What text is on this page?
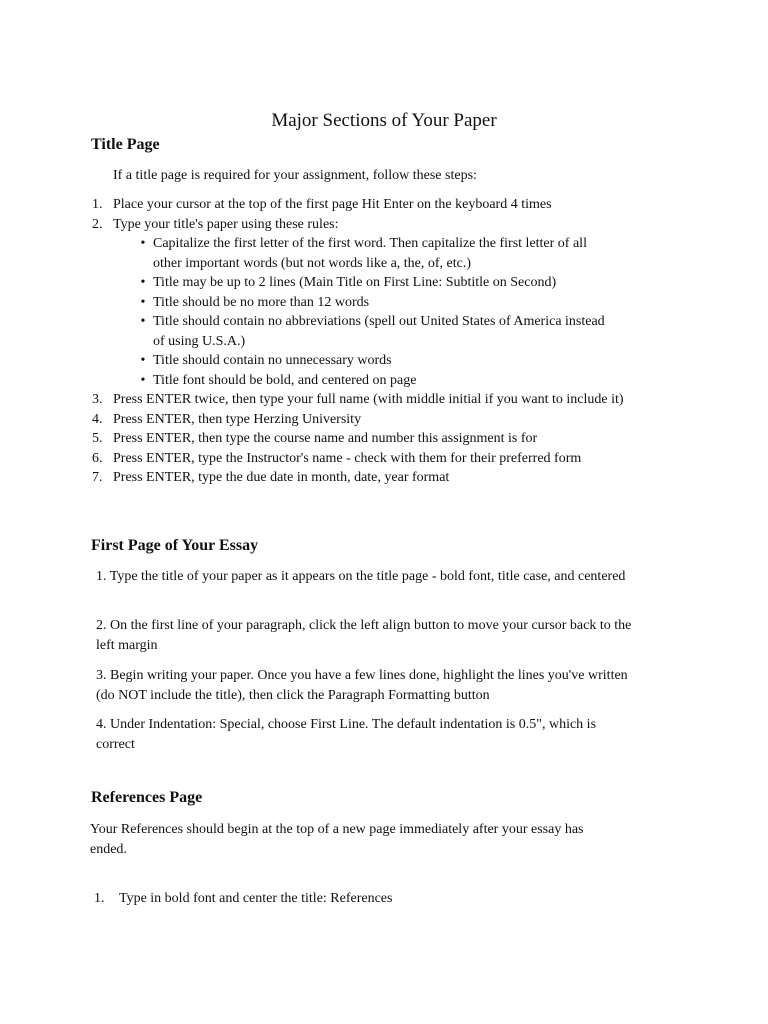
Major Sections of Your Paper
Title Page

If a title page is required for your assignment, follow these steps:

1. Place your cursor at the top of the first page Hit Enter on the keyboard 4 times
2. Type your title's paper using these rules:
• Capitalize the first letter of the first word. Then capitalize the first letter of all other important words (but not words like a, the, of, etc.)
• Title may be up to 2 lines (Main Title on First Line: Subtitle on Second)
• Title should be no more than 12 words
• Title should contain no abbreviations (spell out United States of America instead of using U.S.A.)
• Title should contain no unnecessary words
• Title font should be bold, and centered on page
3. Press ENTER twice, then type your full name (with middle initial if you want to include it)
4. Press ENTER, then type Herzing University
5. Press ENTER, then type the course name and number this assignment is for
6. Press ENTER, type the Instructor's name - check with them for their preferred form
7. Press ENTER, type the due date in month, date, year format
First Page of Your Essay

1. Type the title of your paper as it appears on the title page - bold font, title case, and centered

2. On the first line of your paragraph, click the left align button to move your cursor back to the left margin

3. Begin writing your paper. Once you have a few lines done, highlight the lines you've written (do NOT include the title), then click the Paragraph Formatting button

4. Under Indentation: Special, choose First Line. The default indentation is 0.5", which is correct

References Page

Your References should begin at the top of a new page immediately after your essay has ended.

1.	Type in bold font and center the title: References
